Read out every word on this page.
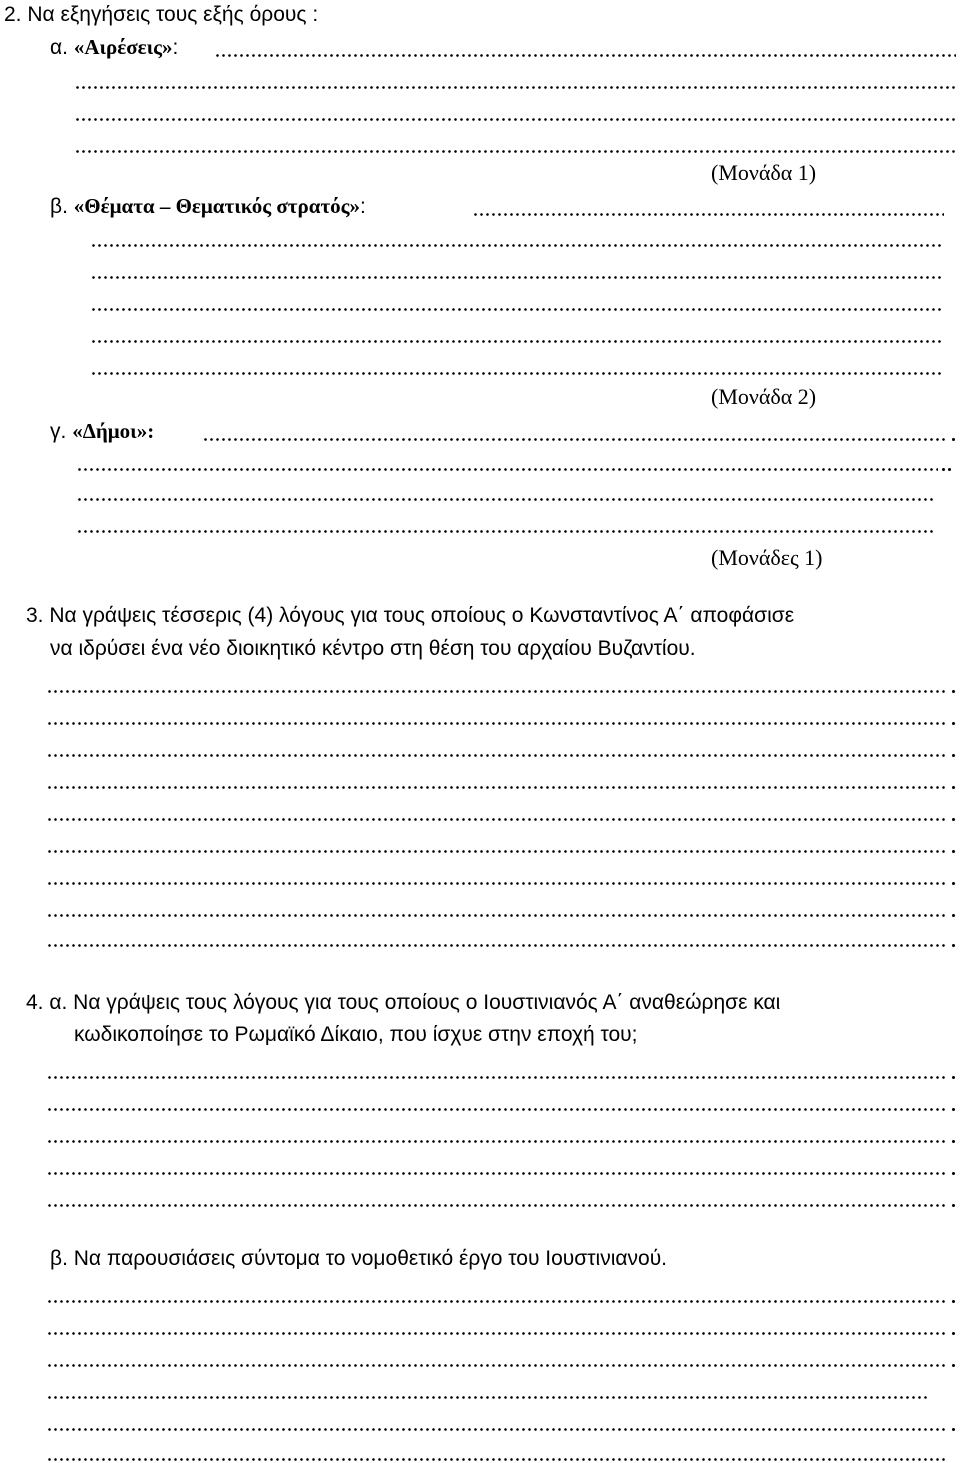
2. Να εξηγήσεις τους εξής όρους :
α. «Αιρέσεις»:
(Μονάδα 1)
β. «Θέματα – Θεματικός στρατός»:
(Μονάδα 2)
γ. «Δήμοι»:
(Μονάδες 1)
3. Να γράψεις τέσσερις (4) λόγους για τους οποίους ο Κωνσταντίνος Α΄ αποφάσισε
να ιδρύσει ένα νέο διοικητικό κέντρο στη θέση του αρχαίου Βυζαντίου.
4. α. Να γράψεις τους λόγους για τους οποίους ο Ιουστινιανός Α΄ αναθεώρησε και
κωδικοποίησε το Ρωμαϊκό Δίκαιο, που ίσχυε στην εποχή του;
β. Να παρουσιάσεις σύντομα το νομοθετικό έργο του Ιουστινιανού.
